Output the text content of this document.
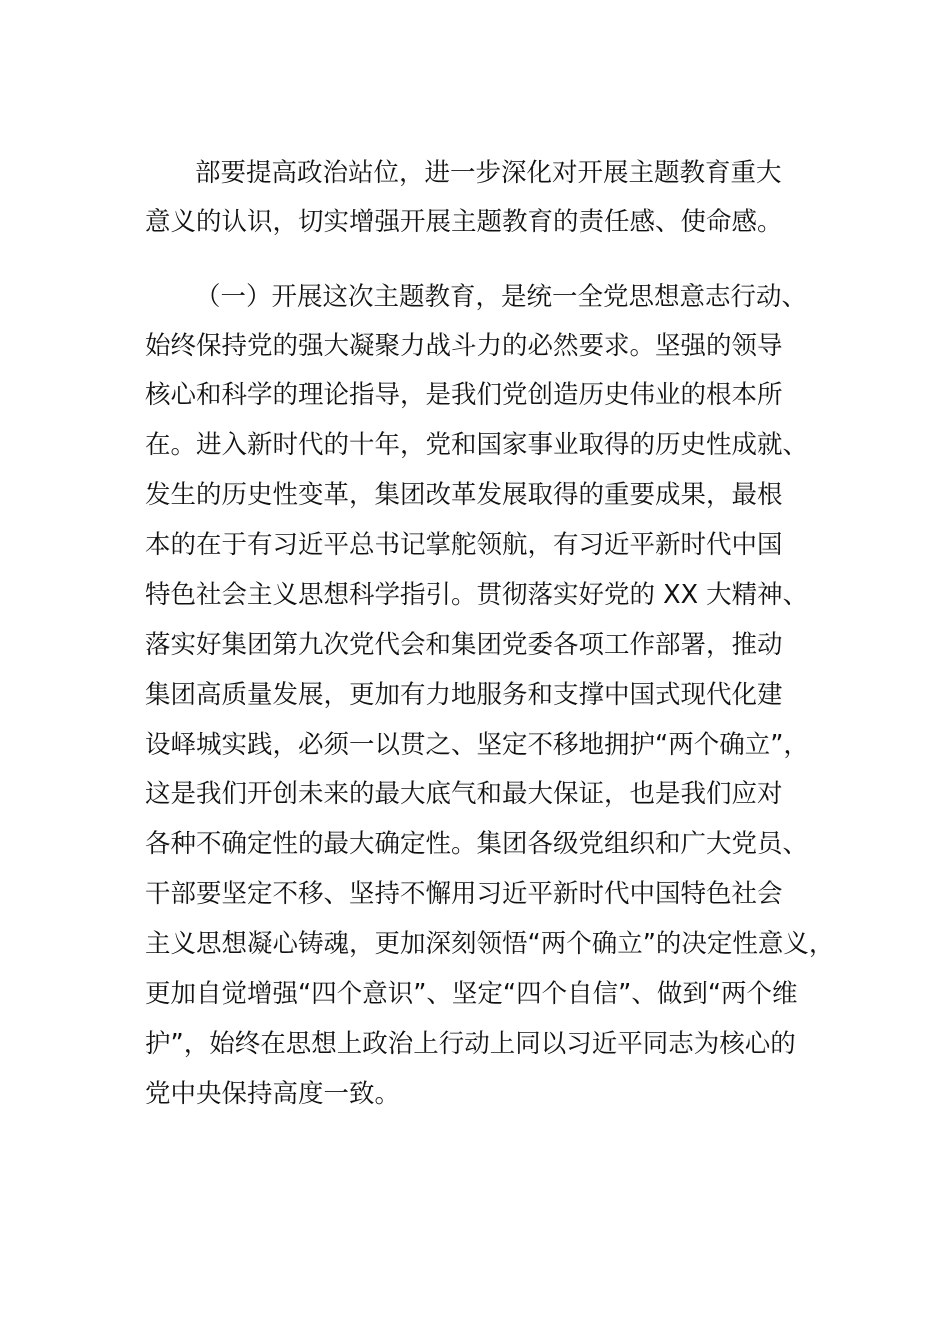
部要提高政治站位，进一步深化对开展主题教育重大
意义的认识，切实增强开展主题教育的责任感、使命感。
（一）开展这次主题教育，是统一全党思想意志行动、
始终保持党的强大凝聚力战斗力的必然要求。坚强的领导
核心和科学的理论指导，是我们党创造历史伟业的根本所
在。进入新时代的十年，党和国家事业取得的历史性成就、
发生的历史性变革，集团改革发展取得的重要成果，最根
本的在于有习近平总书记掌舵领航，有习近平新时代中国
特色社会主义思想科学指引。贯彻落实好党的 XX 大精神、
落实好集团第九次党代会和集团党委各项工作部署，推动
集团高质量发展，更加有力地服务和支撑中国式现代化建
设峄城实践，必须一以贯之、坚定不移地拥护“两个确立”，
这是我们开创未来的最大底气和最大保证，也是我们应对
各种不确定性的最大确定性。集团各级党组织和广大党员、
干部要坚定不移、坚持不懈用习近平新时代中国特色社会
主义思想凝心铸魂，更加深刻领悟“两个确立”的决定性意义，
更加自觉增强“四个意识”、坚定“四个自信”、做到“两个维
护”，始终在思想上政治上行动上同以习近平同志为核心的
党中央保持高度一致。
